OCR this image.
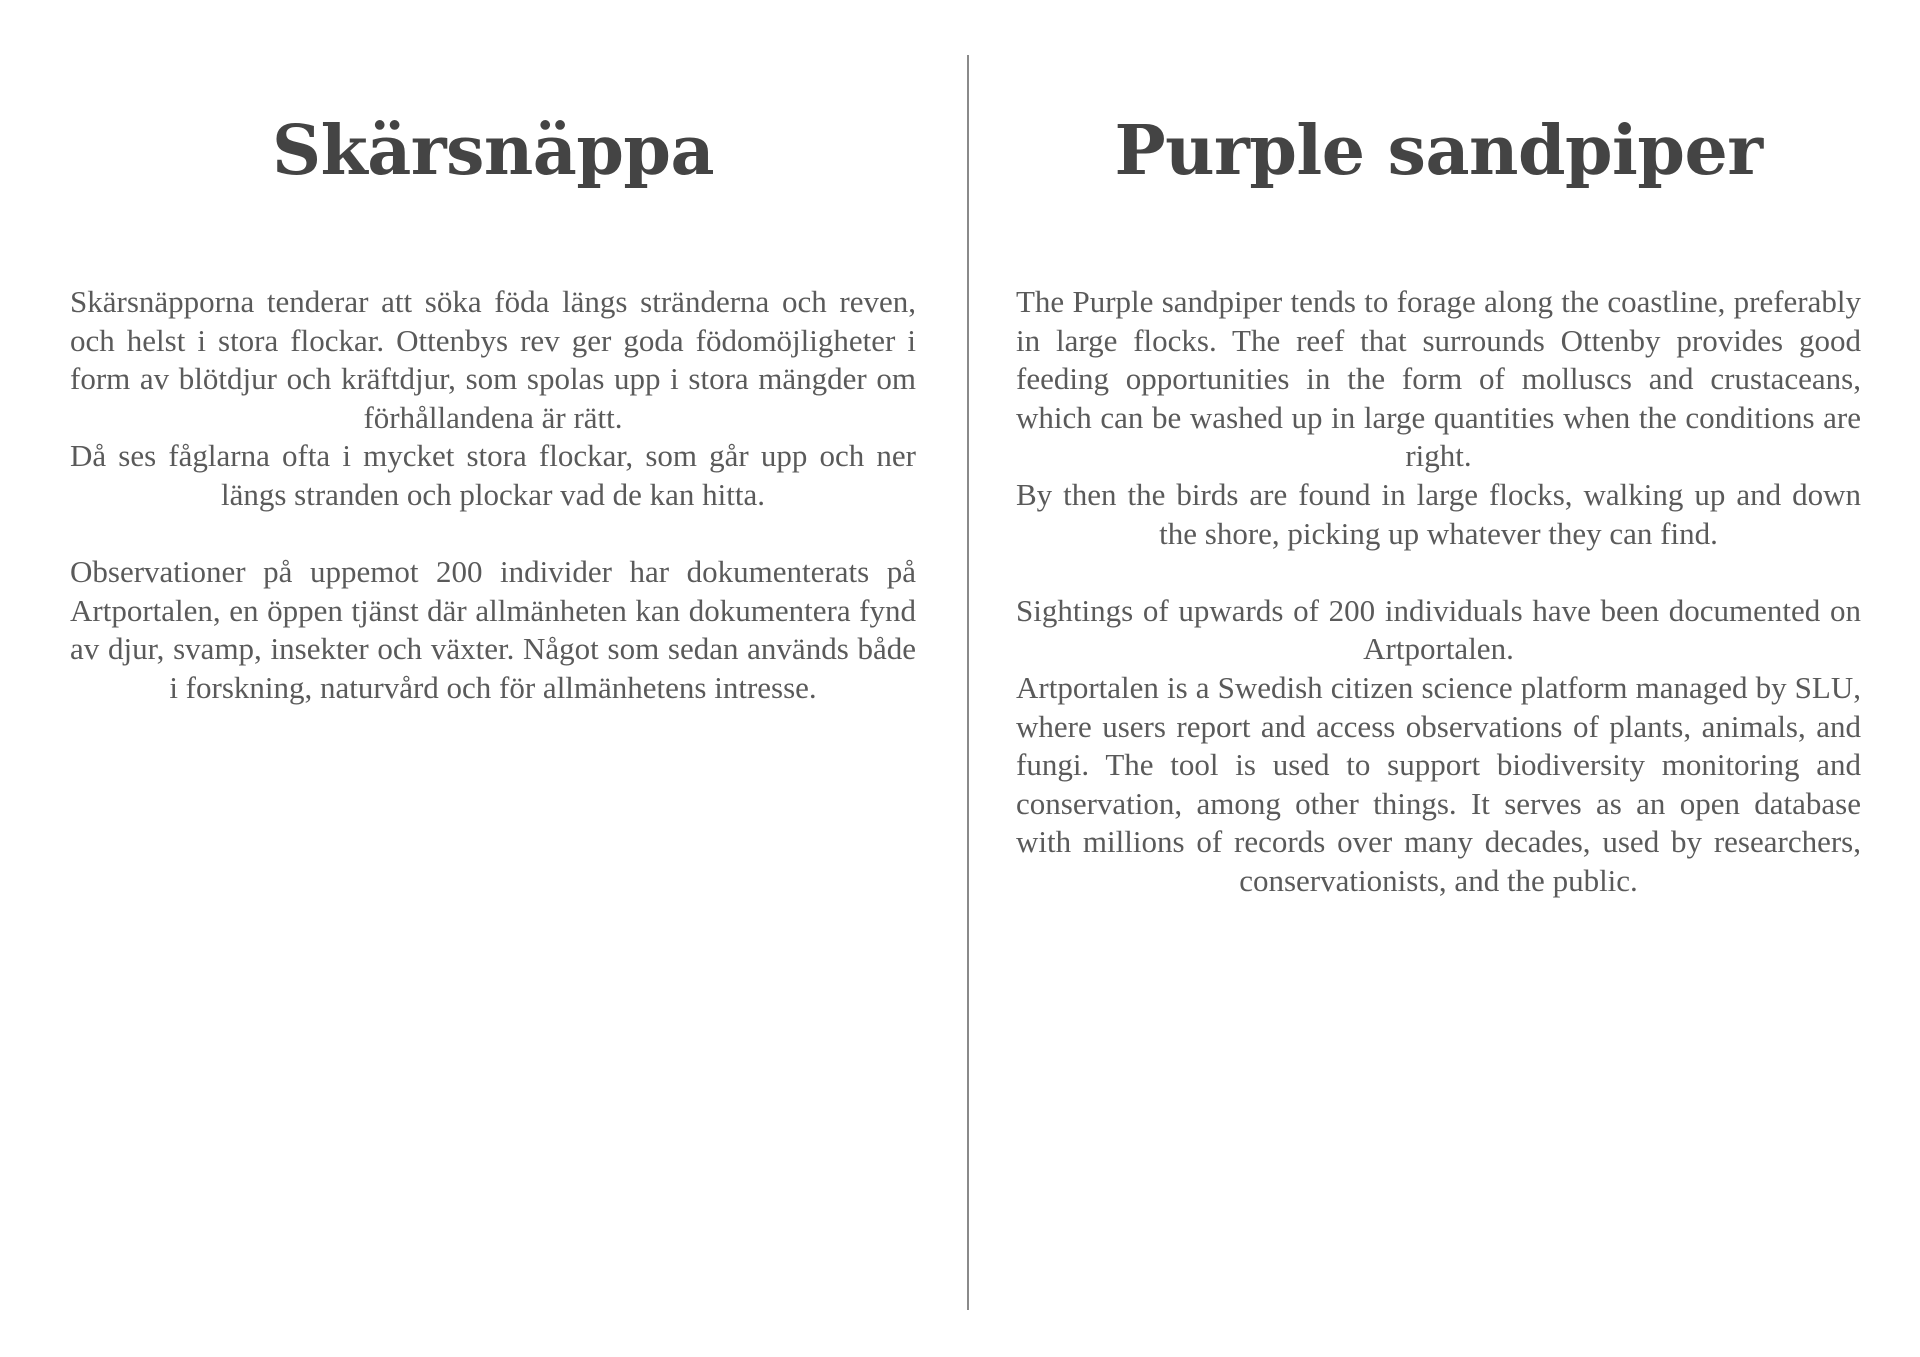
Skärsnäppa

Skärsnäpporna tenderar att söka föda längs stränderna och reven, och helst i stora flockar. Ottenbys rev ger goda födomöjligheter i form av blötdjur och kräftdjur, som spolas upp i stora mängder om förhållandena är rätt.

Då ses fåglarna ofta i mycket stora flockar, som går upp och ner längs stranden och plockar vad de kan hitta.

Observationer på uppemot 200 individer har dokumenterats på Artportalen, en öppen tjänst där allmänheten kan dokumentera fynd av djur, svamp, insekter och växter. Något som sedan används både i forskning, naturvård och för allmänhetens intresse.

Purple sandpiper

The Purple sandpiper tends to forage along the coastline, preferably in large flocks. The reef that surrounds Ottenby provides good feeding opportunities in the form of molluscs and crustaceans, which can be washed up in large quantities when the conditions are right.

By then the birds are found in large flocks, walking up and down the shore, picking up whatever they can find.

Sightings of upwards of 200 individuals have been documented on Artportalen.

Artportalen is a Swedish citizen science platform managed by SLU, where users report and access observations of plants, animals, and fungi. The tool is used to support biodiversity monitoring and conservation, among other things. It serves as an open database with millions of records over many decades, used by researchers, conservationists, and the public.
